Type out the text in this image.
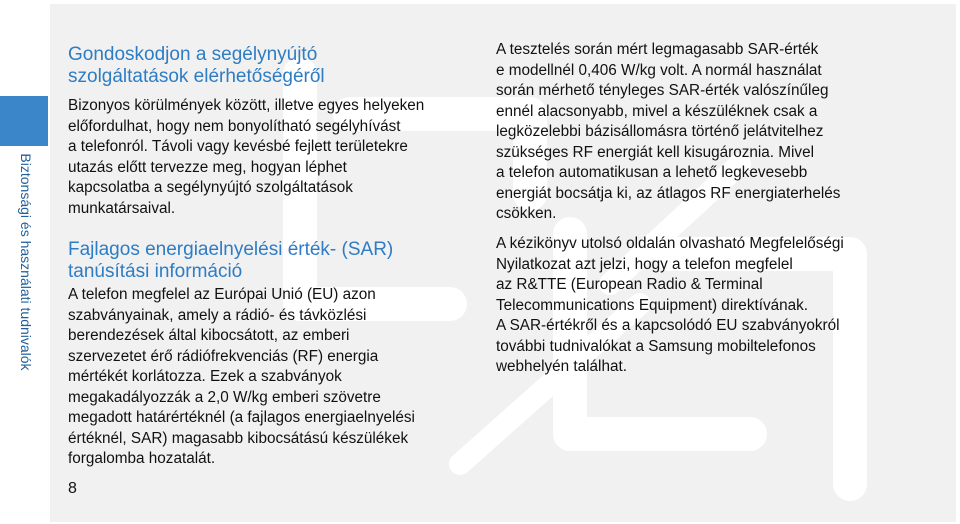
Biztonsági és használati tudnivalók

Gondoskodjon a segélynyújtó
szolgáltatások elérhetőségéről

Bizonyos körülmények között, illetve egyes helyeken
előfordulhat, hogy nem bonyolítható segélyhívást
a telefonról. Távoli vagy kevésbé fejlett területekre
utazás előtt tervezze meg, hogyan léphet
kapcsolatba a segélynyújtó szolgáltatások
munkatársaival.

Fajlagos energiaelnyelési érték- (SAR)
tanúsítási információ

A telefon megfelel az Európai Unió (EU) azon
szabványainak, amely a rádió- és távközlési
berendezések által kibocsátott, az emberi
szervezetet érő rádiófrekvenciás (RF) energia
mértékét korlátozza. Ezek a szabványok
megakadályozzák a 2,0 W/kg emberi szövetre
megadott határértéknél (a fajlagos energiaelnyelési
értéknél, SAR) magasabb kibocsátású készülékek
forgalomba hozatalát.

A tesztelés során mért legmagasabb SAR-érték
e modellnél 0,406 W/kg volt. A normál használat
során mérhető tényleges SAR-érték valószínűleg
ennél alacsonyabb, mivel a készüléknek csak a
legközelebbi bázisállomásra történő jelátvitelhez
szükséges RF energiát kell kisugároznia. Mivel
a telefon automatikusan a lehető legkevesebb
energiát bocsátja ki, az átlagos RF energiaterhelés
csökken.

A kézikönyv utolsó oldalán olvasható Megfelelőségi
Nyilatkozat azt jelzi, hogy a telefon megfelel
az R&TTE (European Radio & Terminal
Telecommunications Equipment) direktívának.
A SAR-értékről és a kapcsolódó EU szabványokról
további tudnivalókat a Samsung mobiltelefonos
webhelyén találhat.

8
